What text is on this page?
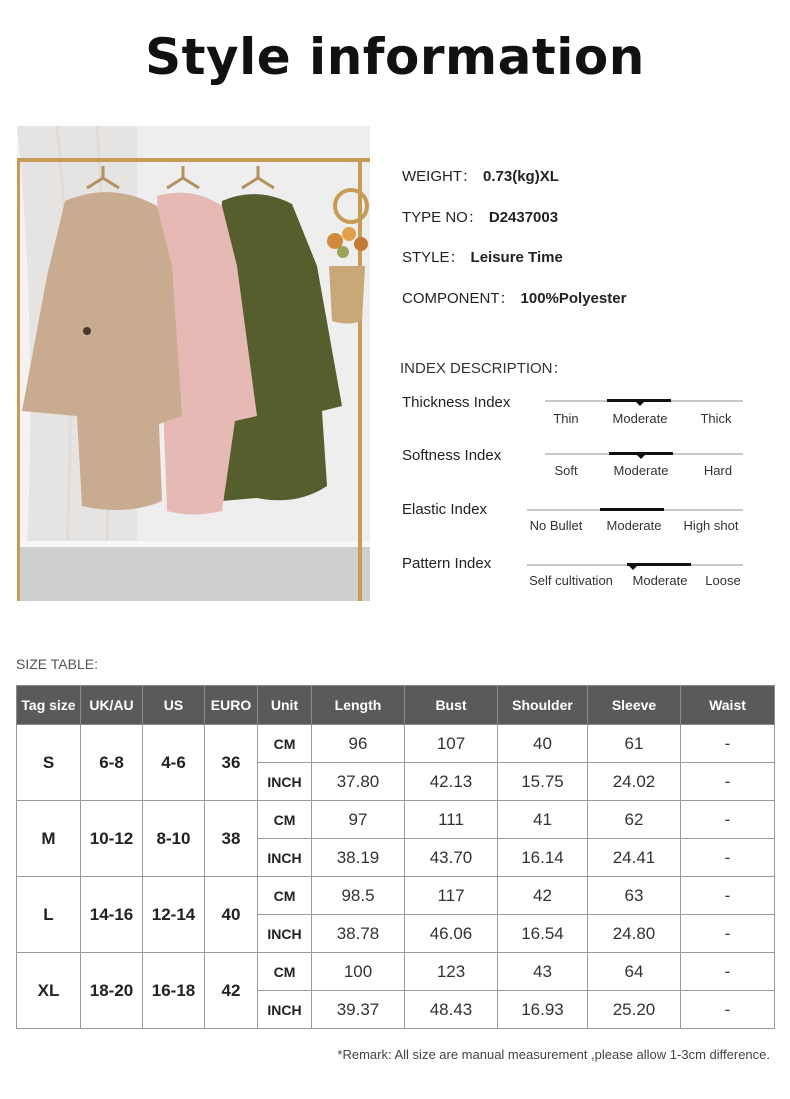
Style information
WEIGHT： 0.73(kg)XL
TYPE NO： D2437003
STYLE： Leisure Time
COMPONENT： 100%Polyester
INDEX DESCRIPTION：
Thickness Index
Thin	Moderate	Thick
Softness Index
Soft	Moderate	Hard
Elastic Index
No Bullet Moderate High shot
Pattern Index
Self cultivation Moderate Loose
SIZE TABLE:
Tag size	UK/AU	US	EURO	Unit	Length	Bust	Shoulder	Sleeve	Waist
S	6-8	4-6	36	CM	96	107	40	61	-
				INCH	37.80	42.13	15.75	24.02	-
M	10-12	8-10	38	CM	97	111	41	62	-
				INCH	38.19	43.70	16.14	24.41	-
L	14-16	12-14	40	CM	98.5	117	42	63	-
				INCH	38.78	46.06	16.54	24.80	-
XL	18-20	16-18	42	CM	100	123	43	64	-
				INCH	39.37	48.43	16.93	25.20	-
*Remark: All size are manual measurement ,please allow 1-3cm difference.
